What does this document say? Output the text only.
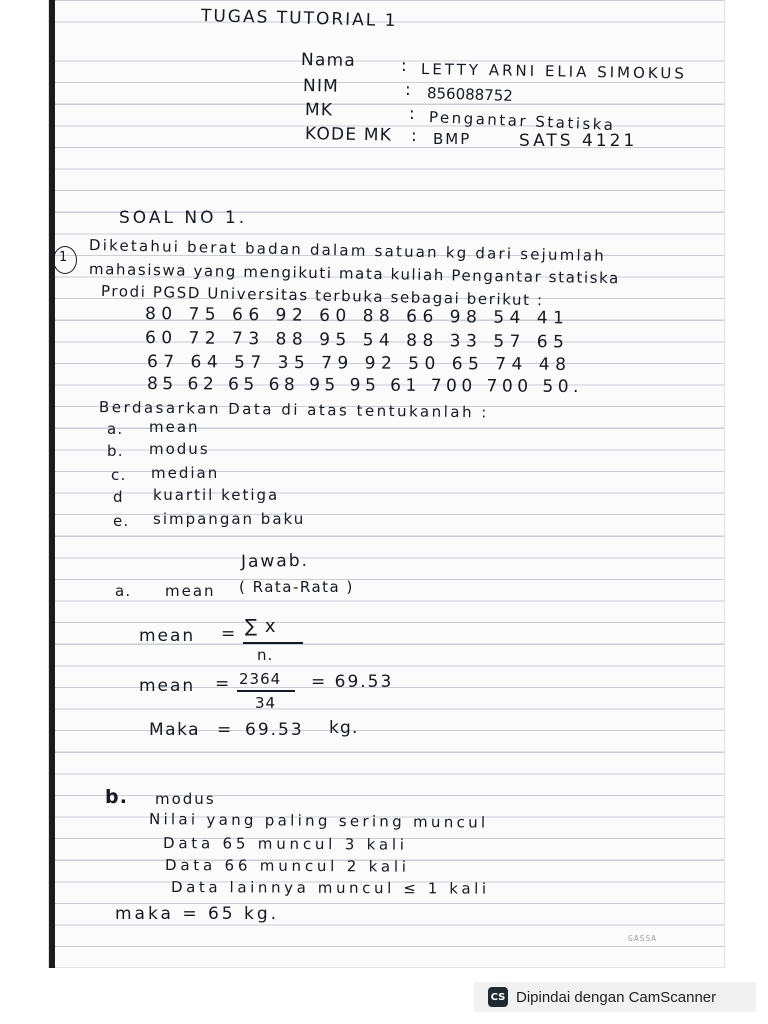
TUGAS TUTORIAL 1
Nama	: LETTY ARNI ELIA SIMOKUS
NIM	: 856088752
MK	: Pengantar Statiska
KODE MK : BMP	SATS 4121
SOAL NO 1.
1 Diketahui berat badan dalam satuan kg dari sejumlah
mahasiswa yang mengikuti mata kuliah Pengantar statiska
Prodi PGSD Universitas terbuka sebagai berikut :
80 75 66 92 60 88 66 98 54 41
60 72 73 88 95 54 88 33 57 65
67 64 57 35 79 92 50 65 74 48
85 62 65 68 95 95 61 700 700 50.
Berdasarkan Data di atas tentukanlah :
a. mean
b. modus
c. median
d kuartil ketiga
e. simpangan baku
Jawab.
a. mean ( Rata-Rata )
mean = ∑ x
n.
mean = 2364
34
= 69.53
Maka = 69.53 kg.
b. modus
Nilai yang paling sering muncul
Data 65 muncul 3 kali
Data 66 muncul 2 kali
Data lainnya muncul ≤ 1 kali
maka = 65 kg.
GASSA
CS Dipindai dengan CamScanner
